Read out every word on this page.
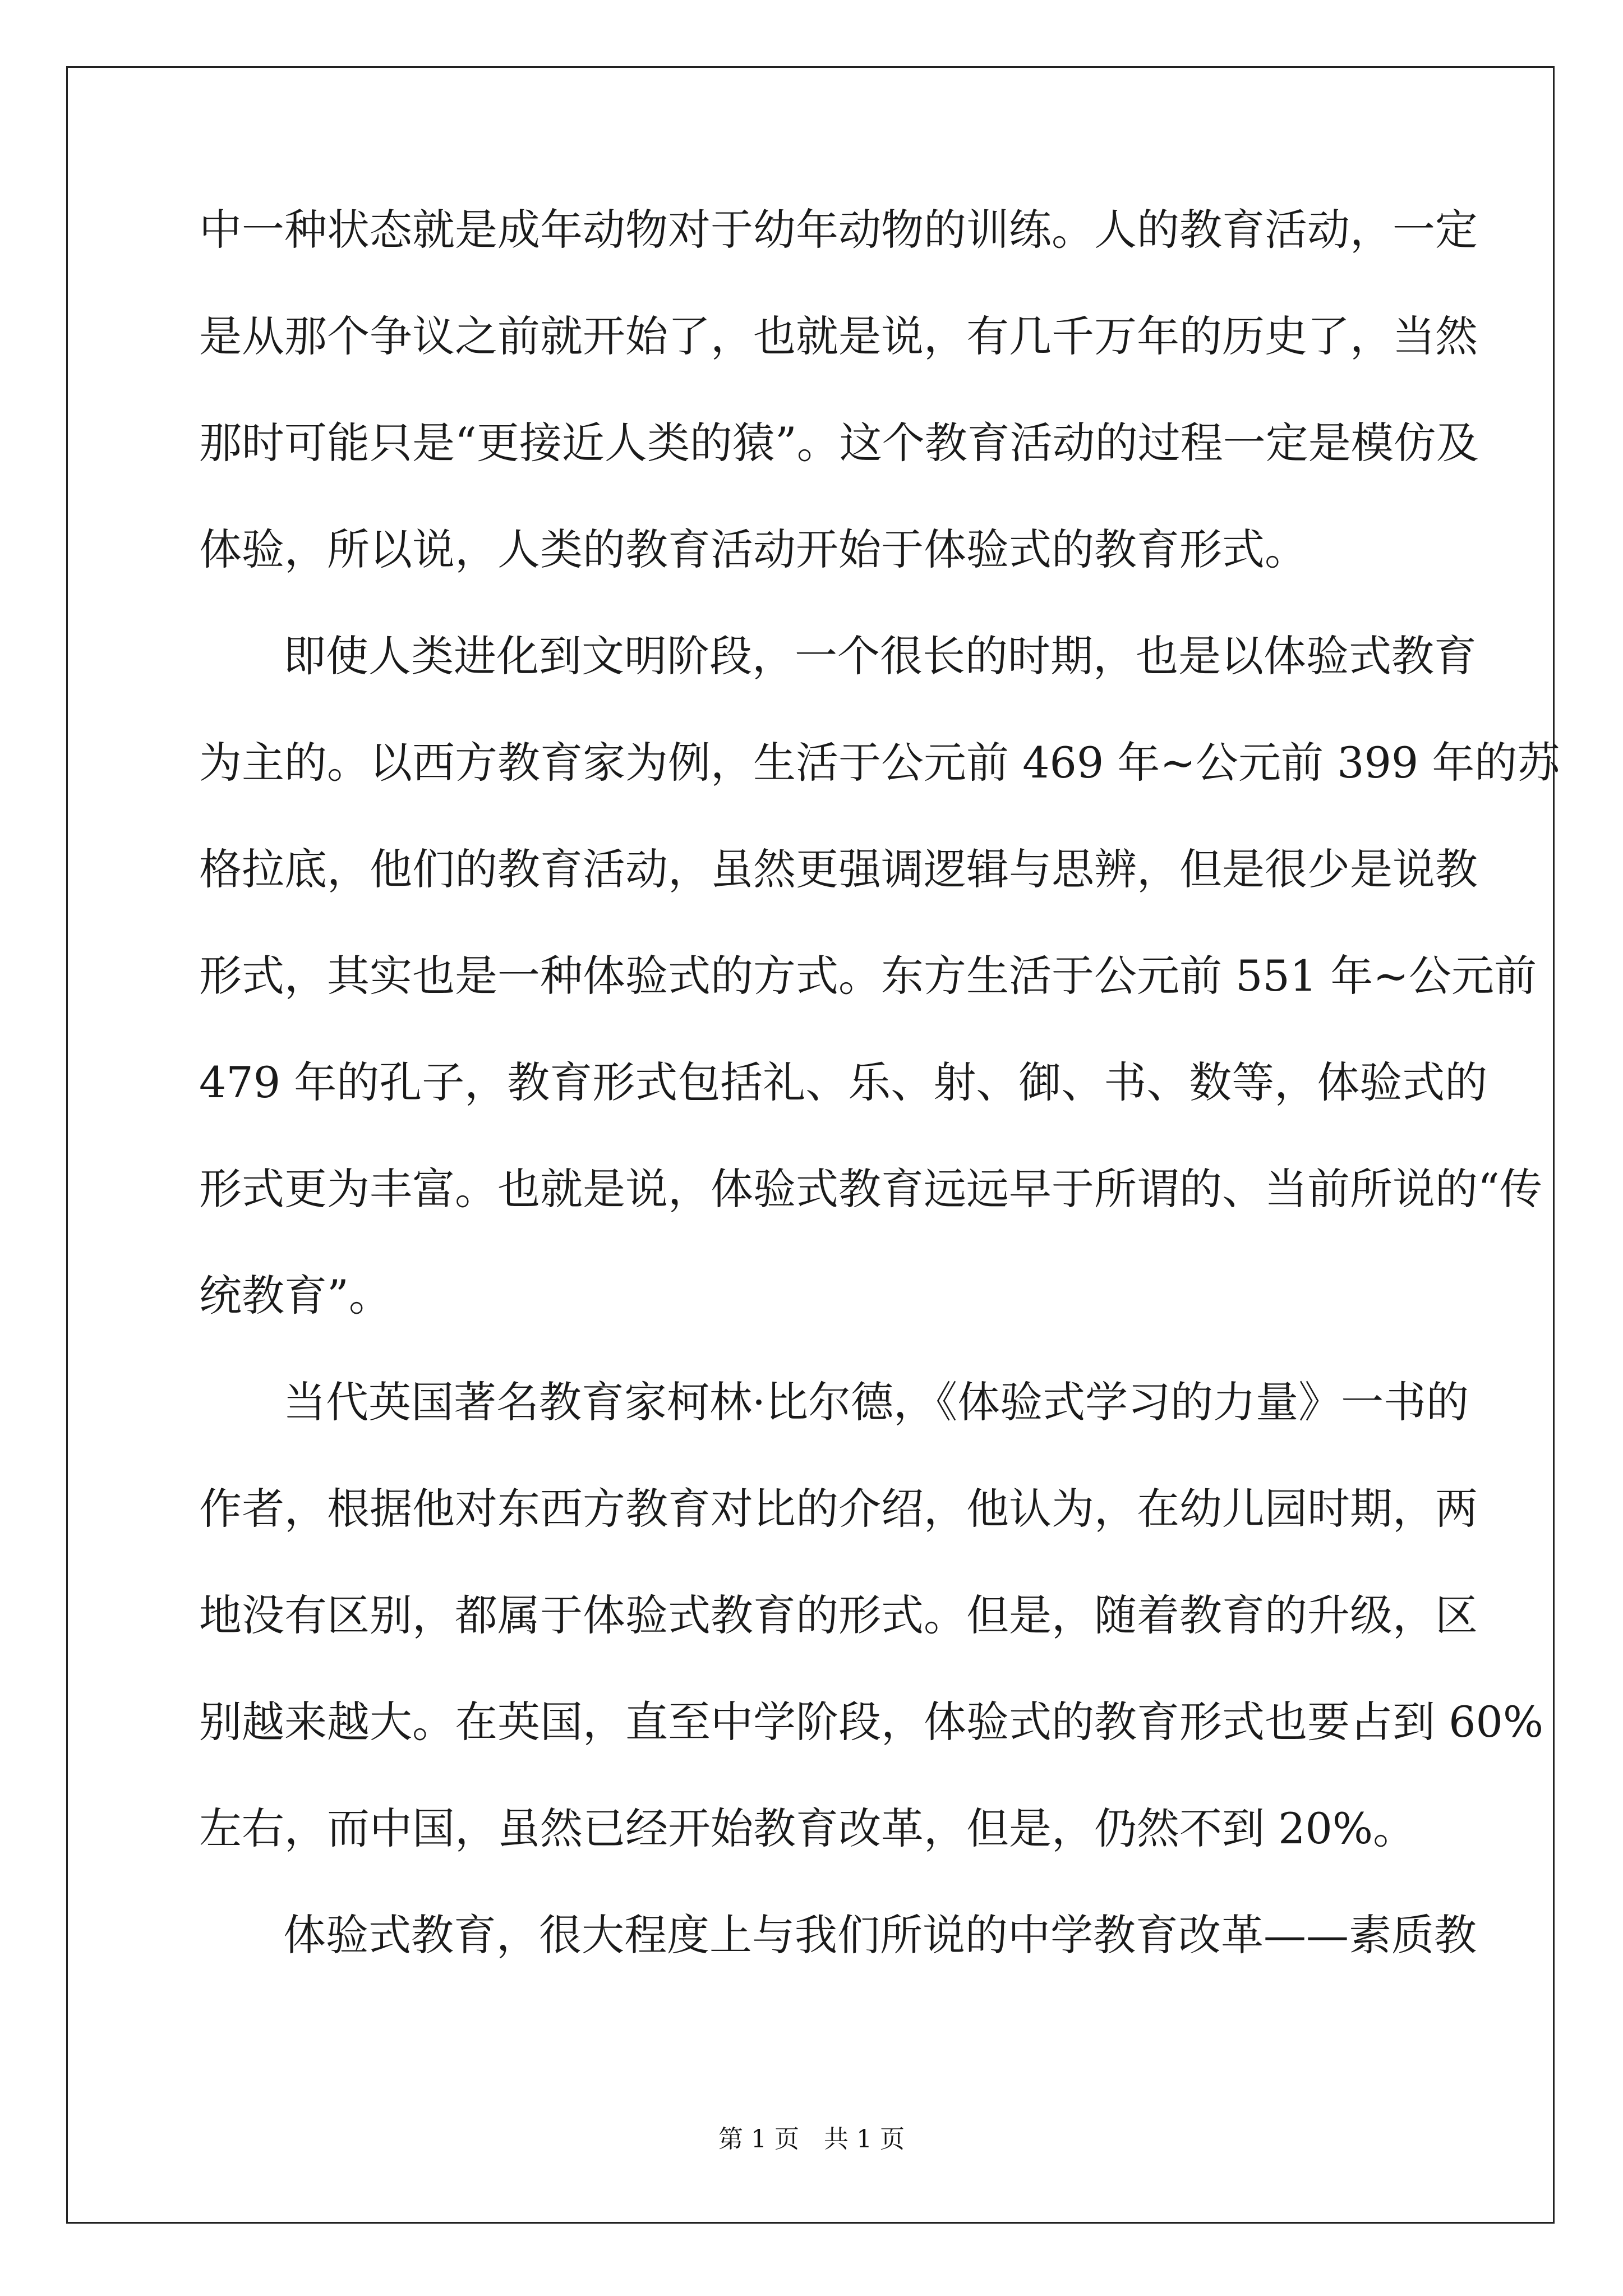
中一种状态就是成年动物对于幼年动物的训练。人的教育活动，一定
是从那个争议之前就开始了，也就是说，有几千万年的历史了，当然
那时可能只是“更接近人类的猿”。这个教育活动的过程一定是模仿及
体验，所以说，人类的教育活动开始于体验式的教育形式。
即使人类进化到文明阶段，一个很长的时期，也是以体验式教育
为主的。以西方教育家为例，生活于公元前 469 年~公元前 399 年的苏
格拉底，他们的教育活动，虽然更强调逻辑与思辨，但是很少是说教
形式，其实也是一种体验式的方式。东方生活于公元前 551 年~公元前
479 年的孔子，教育形式包括礼、乐、射、御、书、数等，体验式的
形式更为丰富。也就是说，体验式教育远远早于所谓的、当前所说的“传
统教育”。
当代英国著名教育家柯林·比尔德，《体验式学习的力量》一书的
作者，根据他对东西方教育对比的介绍，他认为，在幼儿园时期，两
地没有区别，都属于体验式教育的形式。但是，随着教育的升级，区
别越来越大。在英国，直至中学阶段，体验式的教育形式也要占到 60%
左右，而中国，虽然已经开始教育改革，但是，仍然不到 20%。
体验式教育，很大程度上与我们所说的中学教育改革——素质教
第 1 页　共 1 页
